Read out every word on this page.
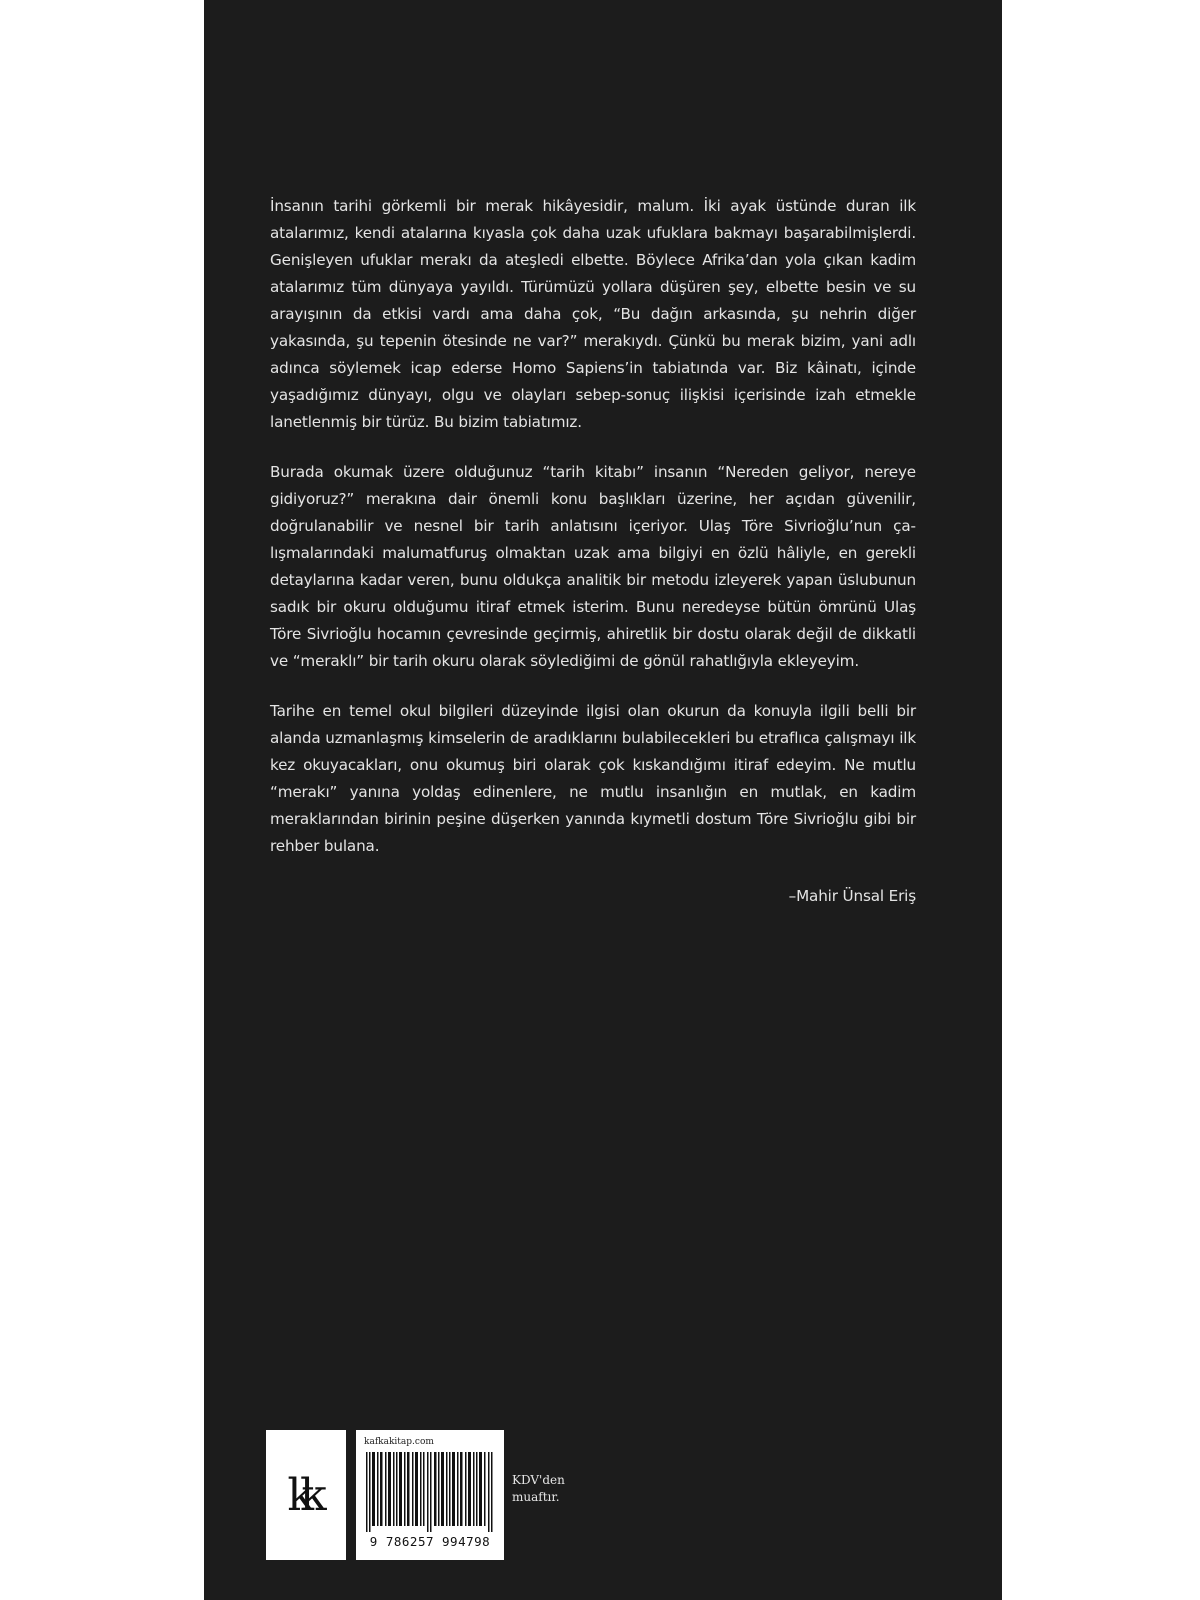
İnsanın tarihi görkemli bir merak hikâyesidir, malum. İki ayak üstünde duran ilk atalarımız, kendi atalarına kıyasla çok daha uzak ufuklara bakmayı başarabilmişlerdi. Genişleyen ufuklar merakı da ateşledi elbette. Böylece Afrika’dan yola çıkan kadim atalarımız tüm dünyaya yayıldı. Türümüzü yollara düşüren şey, elbette besin ve su arayışının da etkisi vardı ama daha çok, “Bu dağın arkasında, şu nehrin diğer yakasında, şu tepenin ötesinde ne var?” merakıydı. Çünkü bu merak bizim, yani adlı adınca söylemek icap ederse Homo Sapiens’in tabiatında var. Biz kâinatı, içinde yaşadığımız dünyayı, olgu ve olayları sebep-sonuç ilişkisi içerisinde izah etmekle lanetlenmiş bir türüz. Bu bizim tabiatımız.

Burada okumak üzere olduğunuz “tarih kitabı” insanın “Nereden geliyor, nereye gidiyoruz?” merakına dair önemli konu başlıkları üzerine, her açıdan güvenilir, doğrulanabilir ve nesnel bir tarih anlatısını içeriyor. Ulaş Töre Sivrioğlu’nun çalışmalarındaki malumatfuruş olmaktan uzak ama bilgiyi en özlü hâliyle, en gerekli detaylarına kadar veren, bunu oldukça analitik bir metodu izleyerek yapan üslubunun sadık bir okuru olduğumu itiraf etmek isterim. Bunu neredeyse bütün ömrünü Ulaş Töre Sivrioğlu hocamın çevresinde geçirmiş, ahiretlik bir dostu olarak değil de dikkatli ve “meraklı” bir tarih okuru olarak söylediğimi de gönül rahatlığıyla ekleyeyim.

Tarihe en temel okul bilgileri düzeyinde ilgisi olan okurun da konuyla ilgili belli bir alanda uzmanlaşmış kimselerin de aradıklarını bulabilecekleri bu etraflıca çalışmayı ilk kez okuyacakları, onu okumuş biri olarak çok kıskandığımı itiraf edeyim. Ne mutlu “merakı” yanına yoldaş edinenlere, ne mutlu insanlığın en mutlak, en kadim meraklarından birinin peşine düşerken yanında kıymetli dostum Töre Sivrioğlu gibi bir rehber bulana.

–Mahir Ünsal Eriş

kk
kafkakitap.com
9 786257 994798
KDV'den
muaftır.
